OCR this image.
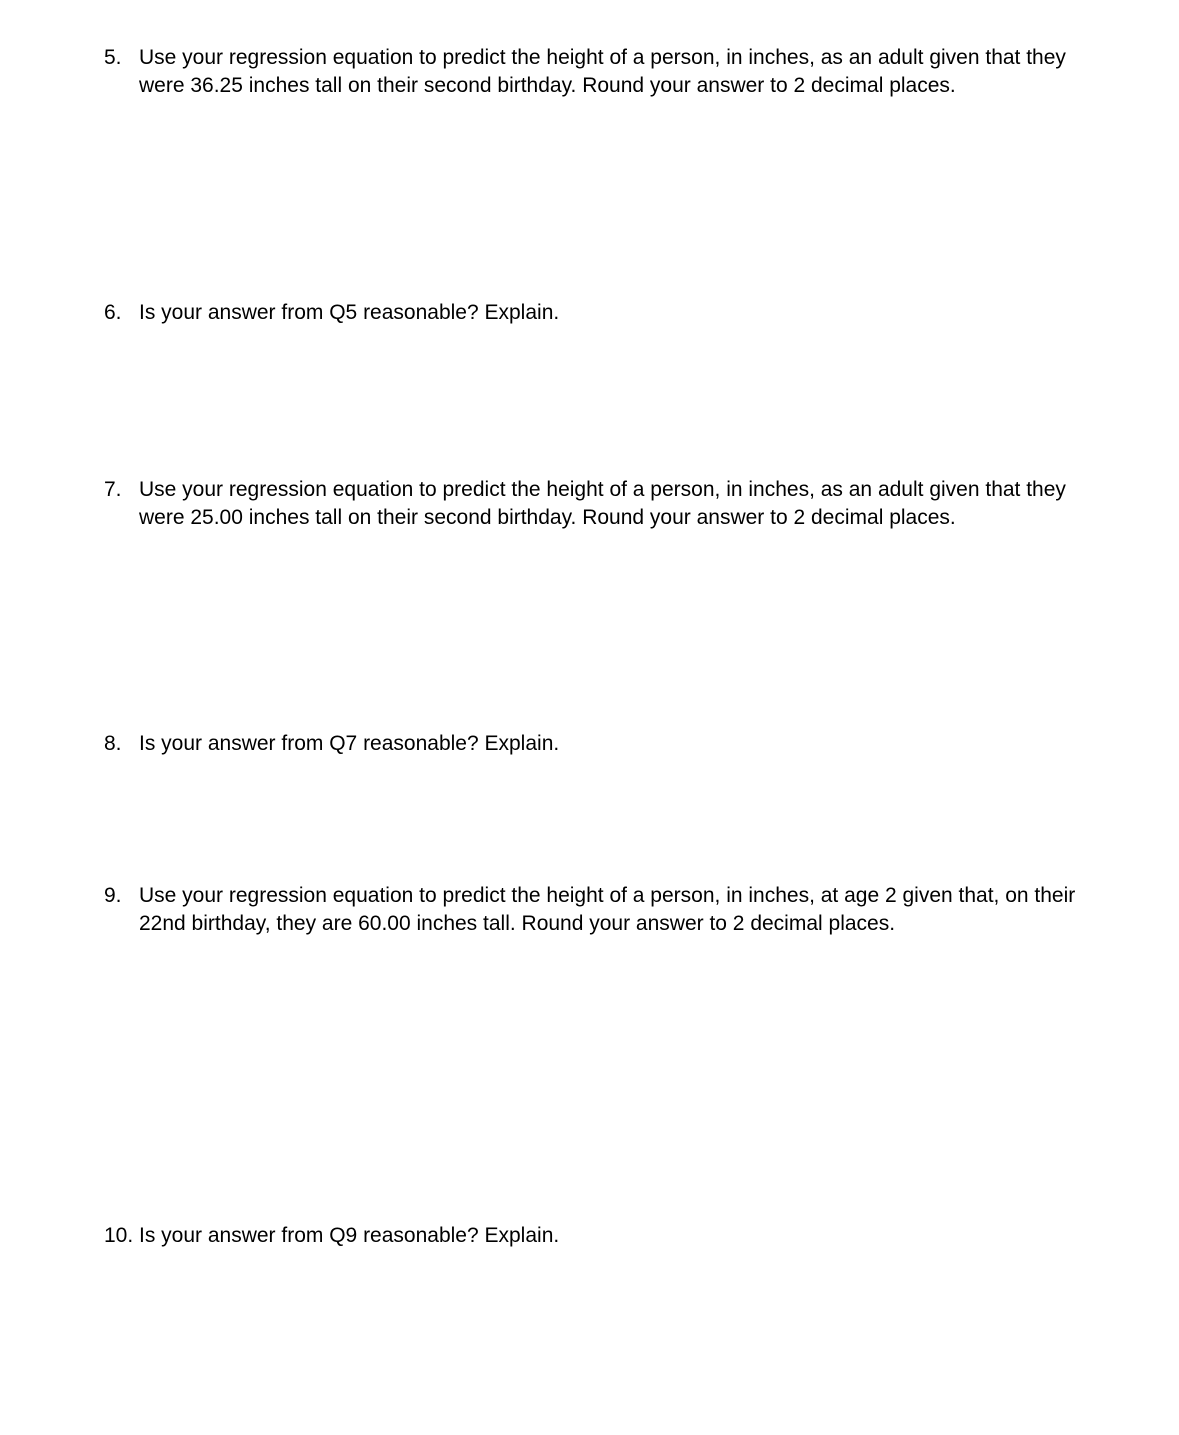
5. Use your regression equation to predict the height of a person, in inches, as an adult given that they were 36.25 inches tall on their second birthday. Round your answer to 2 decimal places.
6. Is your answer from Q5 reasonable? Explain.
7. Use your regression equation to predict the height of a person, in inches, as an adult given that they were 25.00 inches tall on their second birthday. Round your answer to 2 decimal places.
8. Is your answer from Q7 reasonable? Explain.
9. Use your regression equation to predict the height of a person, in inches, at age 2 given that, on their 22nd birthday, they are 60.00 inches tall. Round your answer to 2 decimal places.
10. Is your answer from Q9 reasonable? Explain.
